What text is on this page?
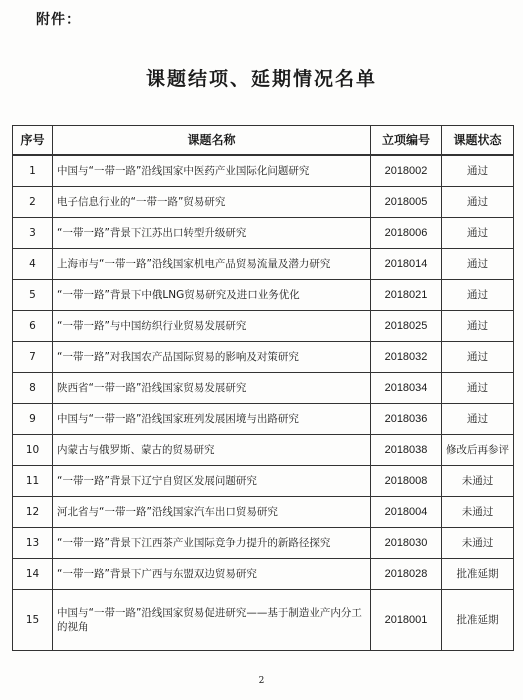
附件：
课题结项、延期情况名单
序号	课题名称	立项编号	课题状态
1	中国与“一带一路”沿线国家中医药产业国际化问题研究	2018002	通过
2	电子信息行业的“一带一路”贸易研究	2018005	通过
3	“一带一路”背景下江苏出口转型升级研究	2018006	通过
4	上海市与“一带一路”沿线国家机电产品贸易流量及潜力研究	2018014	通过
5	“一带一路”背景下中俄LNG贸易研究及进口业务优化	2018021	通过
6	“一带一路”与中国纺织行业贸易发展研究	2018025	通过
7	“一带一路”对我国农产品国际贸易的影响及对策研究	2018032	通过
8	陕西省“一带一路”沿线国家贸易发展研究	2018034	通过
9	中国与“一带一路”沿线国家班列发展困境与出路研究	2018036	通过
10	内蒙古与俄罗斯、蒙古的贸易研究	2018038	修改后再参评
11	“一带一路”背景下辽宁自贸区发展问题研究	2018008	未通过
12	河北省与“一带一路”沿线国家汽车出口贸易研究	2018004	未通过
13	“一带一路”背景下江西茶产业国际竞争力提升的新路径探究	2018030	未通过
14	“一带一路”背景下广西与东盟双边贸易研究	2018028	批准延期
15	中国与“一带一路”沿线国家贸易促进研究——基于制造业产内分工的视角	2018001	批准延期
2
